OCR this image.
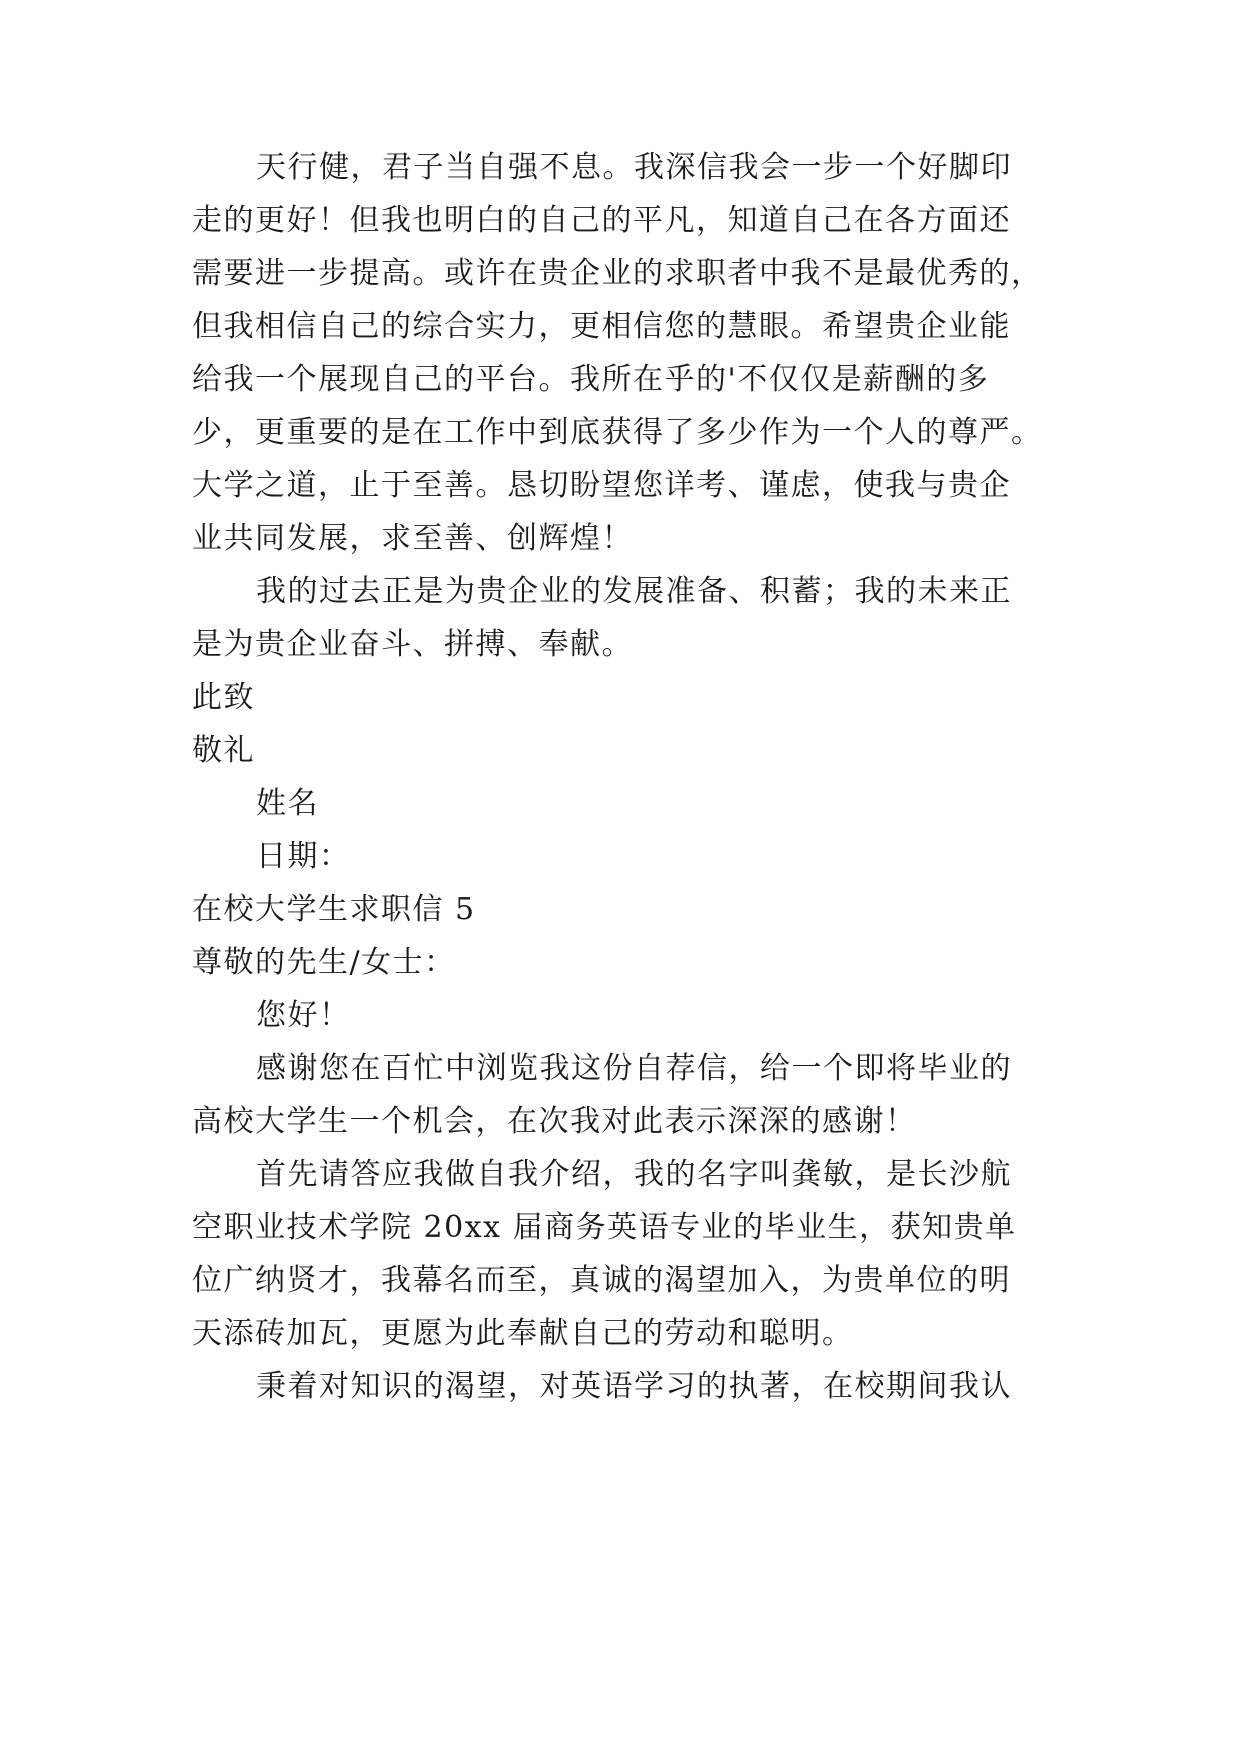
天行健，君子当自强不息。我深信我会一步一个好脚印
走的更好！但我也明白的自己的平凡，知道自己在各方面还
需要进一步提高。或许在贵企业的求职者中我不是最优秀的，
但我相信自己的综合实力，更相信您的慧眼。希望贵企业能
给我一个展现自己的平台。我所在乎的'不仅仅是薪酬的多
少，更重要的是在工作中到底获得了多少作为一个人的尊严。
大学之道，止于至善。恳切盼望您详考、谨虑，使我与贵企
业共同发展，求至善、创辉煌！
我的过去正是为贵企业的发展准备、积蓄；我的未来正
是为贵企业奋斗、拼搏、奉献。
此致
敬礼
姓名
日期：
在校大学生求职信 5
尊敬的先生/女士：
您好！
感谢您在百忙中浏览我这份自荐信，给一个即将毕业的
高校大学生一个机会，在次我对此表示深深的感谢！
首先请答应我做自我介绍，我的名字叫龚敏，是长沙航
空职业技术学院 20xx 届商务英语专业的毕业生，获知贵单
位广纳贤才，我幕名而至，真诚的渴望加入，为贵单位的明
天添砖加瓦，更愿为此奉献自己的劳动和聪明。
秉着对知识的渴望，对英语学习的执著，在校期间我认
